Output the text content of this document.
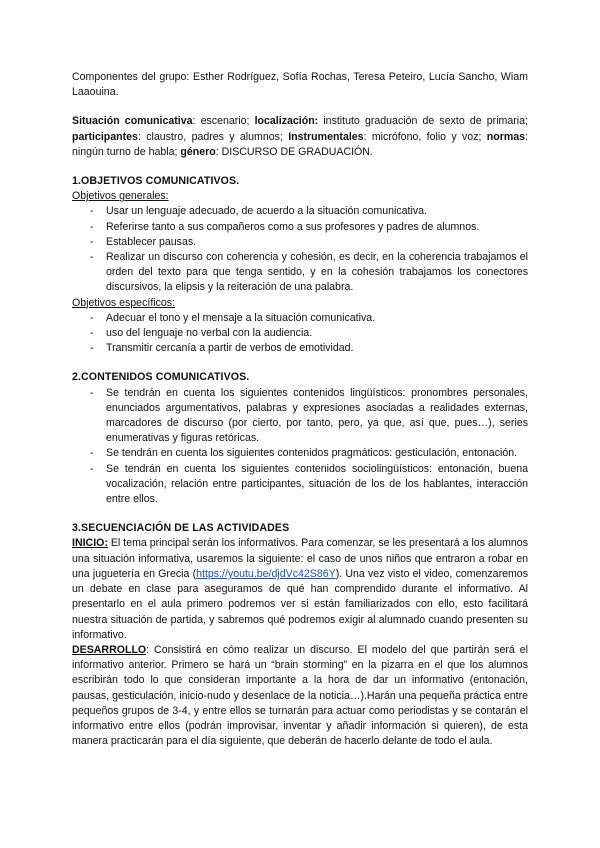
Componentes del grupo: Esther Rodríguez, Sofía Rochas, Teresa Peteiro, Lucía Sancho, Wiam Laaouina.

Situación comunicativa: escenario; localización: instituto graduación de sexto de primaria; participantes: claustro, padres y alumnos; Instrumentales: micrófono, folio y voz; normas: ningún turno de habla; género: DISCURSO DE GRADUACIÓN.

1.OBJETIVOS COMUNICATIVOS.

Objetivos generales:

- Usar un lenguaje adecuado, de acuerdo a la situación comunicativa.
- Referirse tanto a sus compañeros como a sus profesores y padres de alumnos.
- Establecer pausas.
- Realizar un discurso con coherencia y cohesión, es decir, en la coherencia trabajamos el orden del texto para que tenga sentido, y en la cohesión trabajamos los conectores discursivos, la elipsis y la reiteración de una palabra.

Objetivos específicos:

- Adecuar el tono y el mensaje a la situación comunicativa.
- uso del lenguaje no verbal con la audiencia.
- Transmitir cercanía a partir de verbos de emotividad.
2.CONTENIDOS COMUNICATIVOS.
- Se tendrán en cuenta los siguientes contenidos lingüísticos: pronombres personales, enunciados argumentativos, palabras y expresiones asociadas a realidades externas, marcadores de discurso (por cierto, por tanto, pero, ya que, así que, pues…), series enumerativas y figuras retóricas.
- Se tendrán en cuenta los siguientes contenidos pragmáticos: gesticulación, entonación.
- Se tendrán en cuenta los siguientes contenidos sociolingüísticos: entonación, buena vocalización, relación entre participantes, situación de los de los hablantes, interacción entre ellos.
3.SECUENCIACIÓN DE LAS ACTIVIDADES

INICIO: El tema principal serán los informativos. Para comenzar, se les presentará a los alumnos una situación informativa, usaremos la siguiente: el caso de unos niños que entraron a robar en una juguetería en Grecia (https://youtu.be/djdVc42S86Y). Una vez visto el video, comenzaremos un debate en clase para aseguramos de qué han comprendido durante el informativo. Al presentarlo en el aula primero podremos ver si están familiarizados con ello, esto facilitará nuestra situación de partida, y sabremos qué podremos exigir al alumnado cuando presenten su informativo.

DESARROLLO: Consistirá en cómo realizar un discurso. El modelo del que partirán será el informativo anterior. Primero se hará un “brain storming” en la pizarra en el que los alumnos escribirán todo lo que consideran importante a la hora de dar un informativo (entonación, pausas, gesticulación, inicio-nudo y desenlace de la noticia…).Harán una pequeña práctica entre pequeños grupos de 3-4, y entre ellos se turnarán para actuar como periodistas y se contarán el informativo entre ellos (podrán improvisar, inventar y añadir información si quieren), de esta manera practicarán para el día siguiente, que deberán de hacerlo delante de todo el aula.
